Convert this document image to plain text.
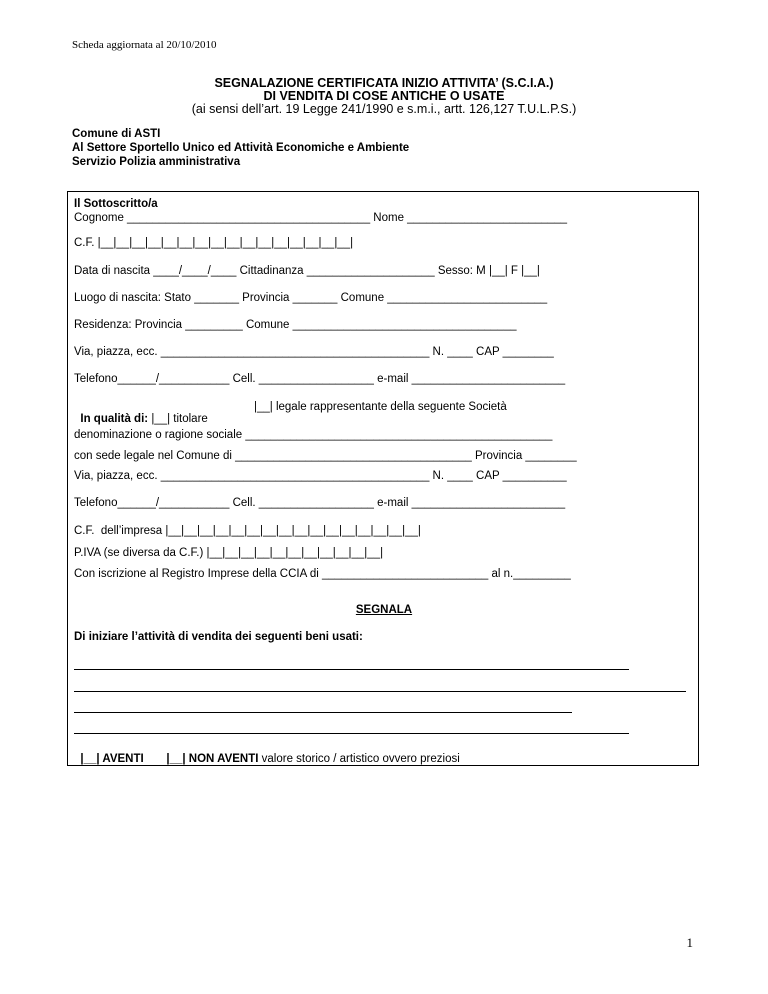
Scheda aggiornata al 20/10/2010
SEGNALAZIONE CERTIFICATA INIZIO ATTIVITA’ (S.C.I.A.)
DI VENDITA DI COSE ANTICHE O USATE
(ai sensi dell’art. 19 Legge 241/1990 e s.m.i., artt. 126,127 T.U.L.P.S.)
Comune di ASTI
Al Settore Sportello Unico ed Attività Economiche e Ambiente
Servizio Polizia amministrativa
Il Sottoscritto/a
Cognome ______________________________________ Nome _________________________
C.F. |__|__|__|__|__|__|__|__|__|__|__|__|__|__|__|__|
Data di nascita ____/____/____ Cittadinanza ____________________ Sesso: M |__| F |__|
Luogo di nascita: Stato _______ Provincia _______ Comune _________________________
Residenza: Provincia _________ Comune ___________________________________
Via, piazza, ecc. __________________________________________ N. ____ CAP ________
Telefono______/___________ Cell. __________________ e-mail ________________________

In qualità di: |__| titolare

|__| legale rappresentante della seguente Società
denominazione o ragione sociale ________________________________________________
con sede legale nel Comune di _____________________________________ Provincia ________
Via, piazza, ecc. __________________________________________ N. ____ CAP __________
Telefono______/___________ Cell. __________________ e-mail ________________________
C.F.  dell’impresa |__|__|__|__|__|__|__|__|__|__|__|__|__|__|__|__|
P.IVA (se diversa da C.F.) |__|__|__|__|__|__|__|__|__|__|__|
Con iscrizione al Registro Imprese della CCIA di __________________________ al n._________
SEGNALA
Di iniziare l’attività di vendita dei seguenti beni usati:

|__| AVENTI	|__| NON AVENTI valore storico / artistico ovvero preziosi

1
